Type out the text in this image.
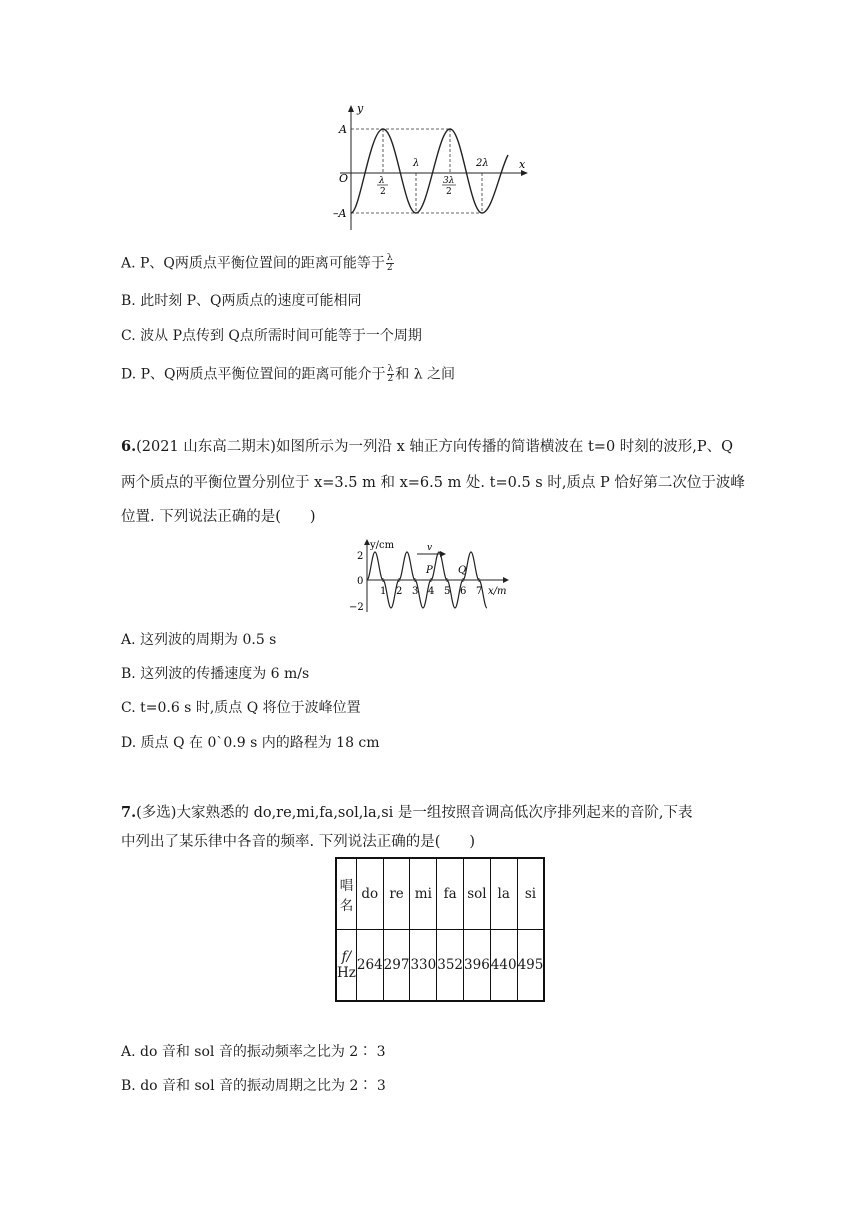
y
x
O
A
–A
λ
2
λ
3λ
2
2λ
A. P、Q两质点平衡位置间的距离可能等于 $\frac{\lambda}{2}$
B. 此时刻 P、Q两质点的速度可能相同
C. 波从 P点传到 Q点所需时间可能等于一个周期
D. P、Q两质点平衡位置间的距离可能介于 $\frac{\lambda}{2}$ 和 λ 之间
6.(2021 山东高二期末)如图所示为一列沿 x 轴正方向传播的简谐横波在 t=0 时刻的波形,P、Q
两个质点的平衡位置分别位于 x=3.5 m 和 x=6.5 m 处. t=0.5 s 时,质点 P 恰好第二次位于波峰
位置. 下列说法正确的是(　　)
v
y/cm
x/m
2
0
−2
1 2 3 4 5 6 7
P	Q
A. 这列波的周期为 0.5 s
B. 这列波的传播速度为 6 m/s
C. t=0.6 s 时,质点 Q 将位于波峰位置
D. 质点 Q 在 0ˋ0.9 s 内的路程为 18 cm
7.(多选)大家熟悉的 do,re,mi,fa,sol,la,si 是一组按照音调高低次序排列起来的音阶,下表
中列出了某乐律中各音的频率. 下列说法正确的是(　　)
唱
名	do	re	mi	fa	sol	la	si
f/
Hz	264	297	330	352	396	440	495
A. do 音和 sol 音的振动频率之比为 2∶ 3
B. do 音和 sol 音的振动周期之比为 2∶ 3
